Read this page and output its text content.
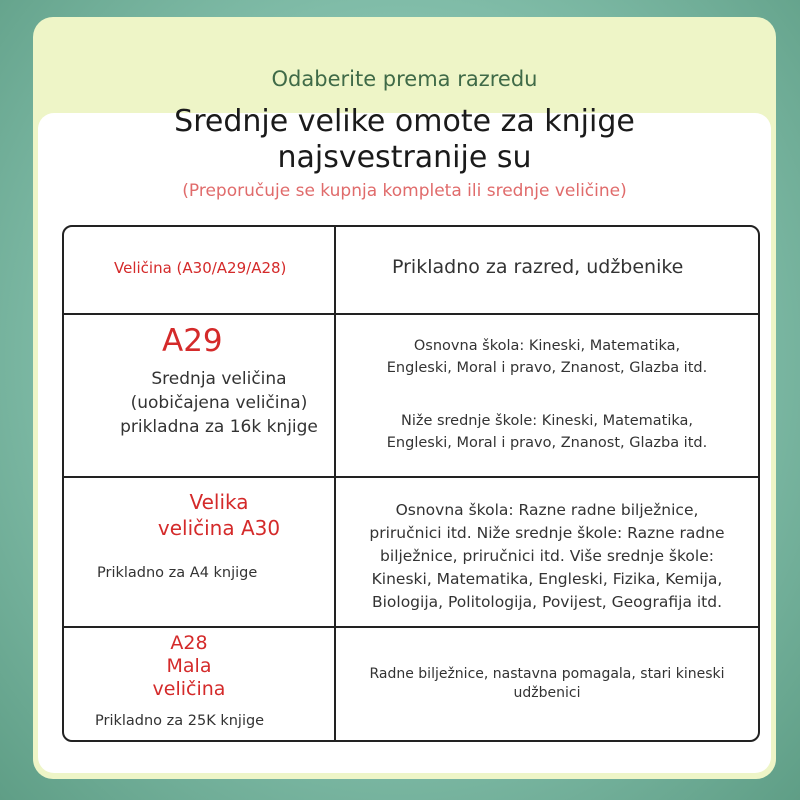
Odaberite prema razredu
Srednje velike omote za knjige
najsvestranije su
(Preporučuje se kupnja kompleta ili srednje veličine)
Veličina (A30/A29/A28)	Prikladno za razred, udžbenike
A29
Srednja veličina
(uobičajena veličina)
prikladna za 16k knjige
Osnovna škola: Kineski, Matematika,
Engleski, Moral i pravo, Znanost, Glazba itd.
Niže srednje škole: Kineski, Matematika,
Engleski, Moral i pravo, Znanost, Glazba itd.
Velika
veličina A30
Prikladno za A4 knjige
Osnovna škola: Razne radne bilježnice,
priručnici itd. Niže srednje škole: Razne radne
bilježnice, priručnici itd. Više srednje škole:
Kineski, Matematika, Engleski, Fizika, Kemija,
Biologija, Politologija, Povijest, Geografija itd.
A28
Mala
veličina
Prikladno za 25K knjige
Radne bilježnice, nastavna pomagala, stari kineski
udžbenici
